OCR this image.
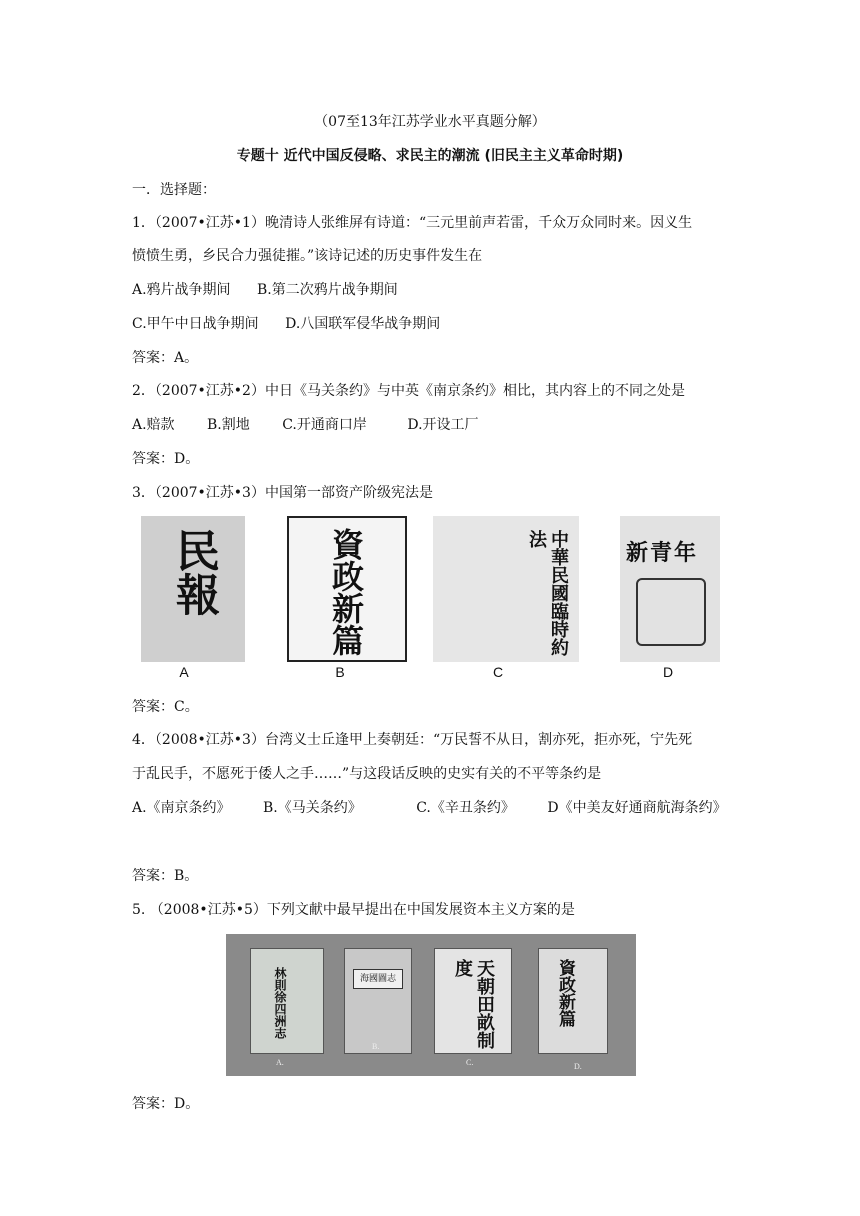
（07至13年江苏学业水平真题分解）
专题十 近代中国反侵略、求民主的潮流 (旧民主主义革命时期)
一．选择题：
1．（2007•江苏•1）晚清诗人张维屏有诗道：“三元里前声若雷，千众万众同时来。因义生
愤愤生勇，乡民合力强徒摧。”该诗记述的历史事件发生在
A.鸦片战争期间 B.第二次鸦片战争期间
C.甲午中日战争期间 D.八国联军侵华战争期间
答案：A。
2．（2007•江苏•2）中日《马关条约》与中英《南京条约》相比，其内容上的不同之处是
A.赔款 B.割地 C.开通商口岸	D.开设工厂
答案：D。
3．（2007•江苏•3）中国第一部资产阶级宪法是
民報	資政新篇	中華民國臨時約法
新青年
A	B	C	D
答案：C。
4．（2008•江苏•3）台湾义士丘逢甲上奏朝廷：“万民誓不从日，割亦死，拒亦死，宁先死
于乱民手，不愿死于倭人之手……”与这段话反映的史实有关的不平等条约是
A.《南京条约》 B.《马关条约》	C.《辛丑条约》 D《中美友好通商航海条约》
答案：B。
5. （2008•江苏•5）下列文献中最早提出在中国发展资本主义方案的是
林則徐四洲志	海國圖志	天朝田畝制度	資政新篇
A.
B.
C.	D.
答案：D。
